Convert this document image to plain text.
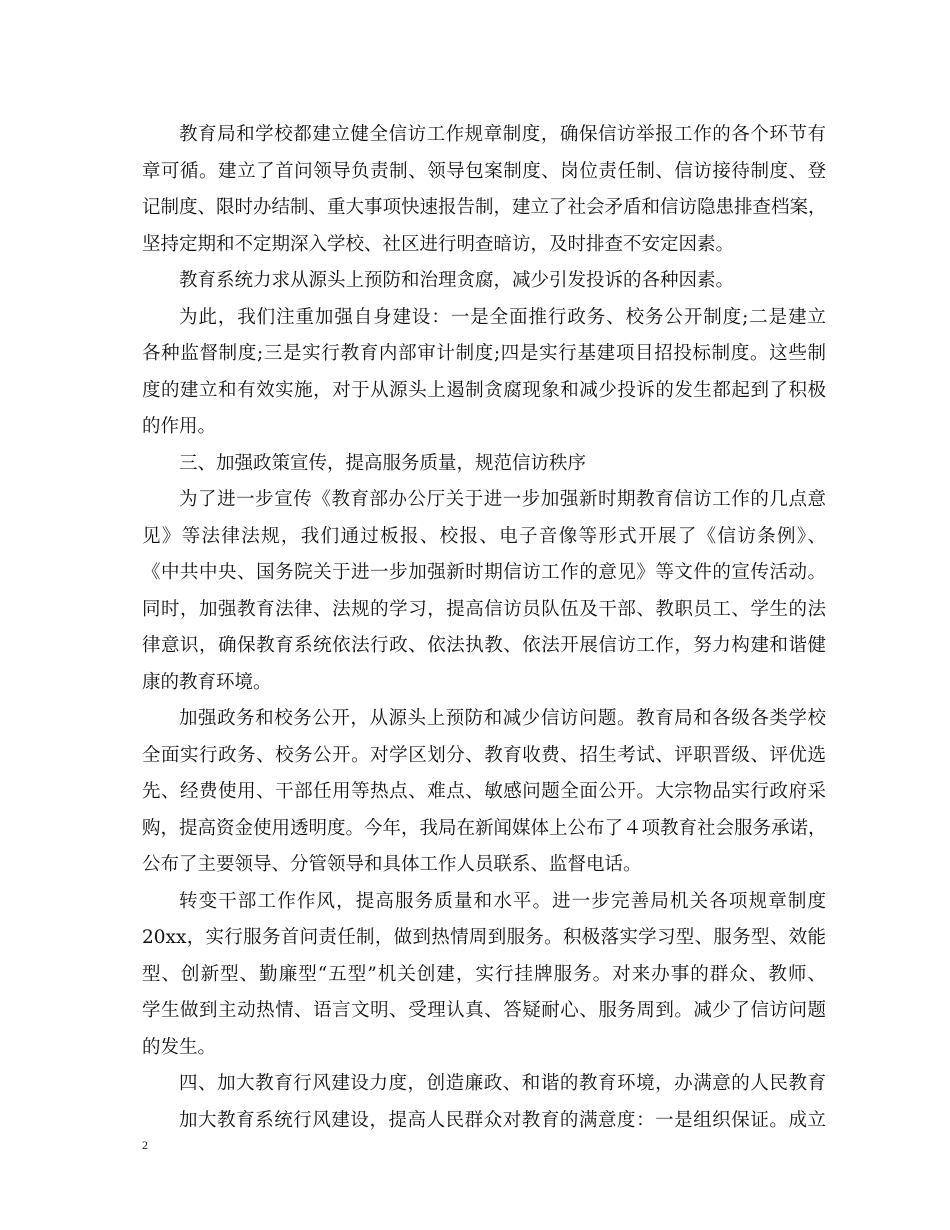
教育局和学校都建立健全信访工作规章制度，确保信访举报工作的各个环节有
章可循。建立了首问领导负责制、领导包案制度、岗位责任制、信访接待制度、登
记制度、限时办结制、重大事项快速报告制，建立了社会矛盾和信访隐患排查档案，
坚持定期和不定期深入学校、社区进行明查暗访，及时排查不安定因素。
教育系统力求从源头上预防和治理贪腐，减少引发投诉的各种因素。
为此，我们注重加强自身建设：一是全面推行政务、校务公开制度;二是建立
各种监督制度;三是实行教育内部审计制度;四是实行基建项目招投标制度。这些制
度的建立和有效实施，对于从源头上遏制贪腐现象和减少投诉的发生都起到了积极
的作用。
三、加强政策宣传，提高服务质量，规范信访秩序
为了进一步宣传《教育部办公厅关于进一步加强新时期教育信访工作的几点意
见》等法律法规，我们通过板报、校报、电子音像等形式开展了《信访条例》、
《中共中央、国务院关于进一步加强新时期信访工作的意见》等文件的宣传活动。
同时，加强教育法律、法规的学习，提高信访员队伍及干部、教职员工、学生的法
律意识，确保教育系统依法行政、依法执教、依法开展信访工作，努力构建和谐健
康的教育环境。
加强政务和校务公开，从源头上预防和减少信访问题。教育局和各级各类学校
全面实行政务、校务公开。对学区划分、教育收费、招生考试、评职晋级、评优选
先、经费使用、干部任用等热点、难点、敏感问题全面公开。大宗物品实行政府采
购，提高资金使用透明度。今年，我局在新闻媒体上公布了４项教育社会服务承诺，
公布了主要领导、分管领导和具体工作人员联系、监督电话。
转变干部工作作风，提高服务质量和水平。进一步完善局机关各项规章制度
20xx，实行服务首问责任制，做到热情周到服务。积极落实学习型、服务型、效能
型、创新型、勤廉型“五型”机关创建，实行挂牌服务。对来办事的群众、教师、
学生做到主动热情、语言文明、受理认真、答疑耐心、服务周到。减少了信访问题
的发生。
四、加大教育行风建设力度，创造廉政、和谐的教育环境，办满意的人民教育
加大教育系统行风建设，提高人民群众对教育的满意度：一是组织保证。成立
2
